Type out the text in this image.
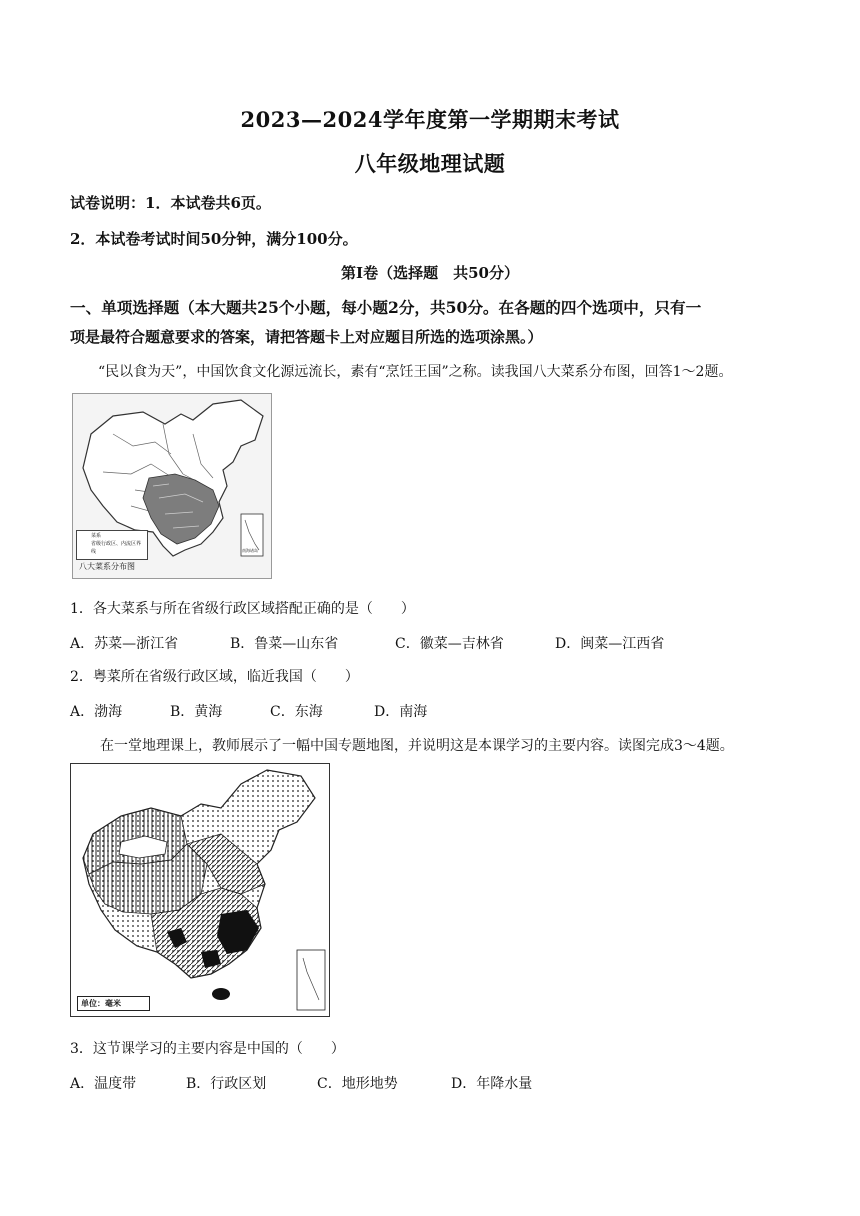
2023—2024学年度第一学期期末考试
八年级地理试题
试卷说明：1．本试卷共6页。
2．本试卷考试时间50分钟，满分100分。
第Ⅰ卷（选择题　共50分）
一、单项选择题（本大题共25个小题，每小题2分，共50分。在各题的四个选项中，只有一
项是最符合题意要求的答案，请把答题卡上对应题目所选的选项涂黑。）
“民以食为天”，中国饮食文化源远流长，素有“烹饪王国”之称。读我国八大菜系分布图，回答1～2题。
菜系
省级行政区、内流区界线	南海诸岛
八大菜系分布图
1．各大菜系与所在省级行政区域搭配正确的是（　　）
A．苏菜—浙江省	B．鲁菜—山东省	C．徽菜—吉林省	D．闽菜—江西省
2．粤菜所在省级行政区域，临近我国（　　）
A．渤海	B．黄海	C．东海	D．南海
在一堂地理课上，教师展示了一幅中国专题地图，并说明这是本课学习的主要内容。读图完成3～4题。
单位：毫米
3．这节课学习的主要内容是中国的（　　）
A．温度带	B．行政区划	C．地形地势	D．年降水量
